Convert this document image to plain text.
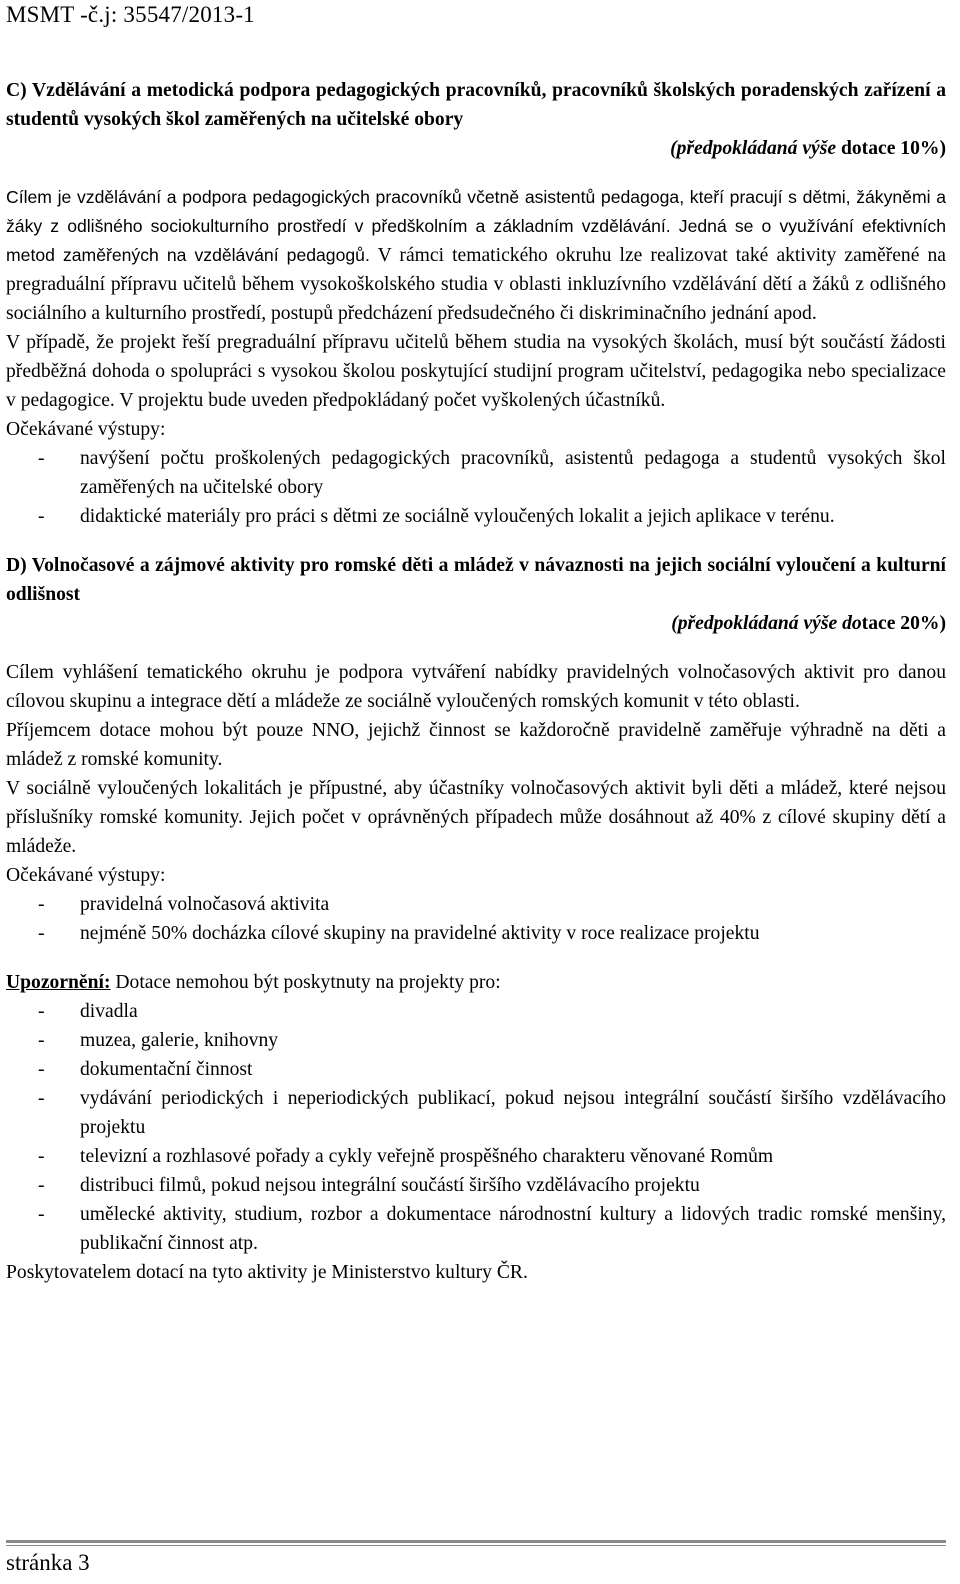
MSMT -č.j: 35547/2013-1

C) Vzdělávání a metodická podpora pedagogických pracovníků, pracovníků školských poradenských zařízení a studentů vysokých škol zaměřených na učitelské obory

(předpokládaná výše dotace 10%)

Cílem je vzdělávání a podpora pedagogických pracovníků včetně asistentů pedagoga, kteří pracují s dětmi, žákyněmi a žáky z odlišného sociokulturního prostředí v předškolním a základním vzdělávání. Jedná se o využívání efektivních metod zaměřených na vzdělávání pedagogů. V rámci tematického okruhu lze realizovat také aktivity zaměřené na pregraduální přípravu učitelů během vysokoškolského studia v oblasti inkluzívního vzdělávání dětí a žáků z odlišného sociálního a kulturního prostředí, postupů předcházení předsudečného či diskriminačního jednání apod.

V případě, že projekt řeší pregraduální přípravu učitelů během studia na vysokých školách, musí být součástí žádosti předběžná dohoda o spolupráci s vysokou školou poskytující studijní program učitelství, pedagogika nebo specializace v pedagogice. V projektu bude uveden předpokládaný počet vyškolených účastníků.

Očekávané výstupy:

- navýšení počtu proškolených pedagogických pracovníků, asistentů pedagoga a studentů vysokých škol zaměřených na učitelské obory
- didaktické materiály pro práci s dětmi ze sociálně vyloučených lokalit a jejich aplikace v terénu.

D) Volnočasové a zájmové aktivity pro romské děti a mládež v návaznosti na jejich sociální vyloučení a kulturní odlišnost

(předpokládaná výše dotace 20%)

Cílem vyhlášení tematického okruhu je podpora vytváření nabídky pravidelných volnočasových aktivit pro danou cílovou skupinu a integrace dětí a mládeže ze sociálně vyloučených romských komunit v této oblasti.

Příjemcem dotace mohou být pouze NNO, jejichž činnost se každoročně pravidelně zaměřuje výhradně na děti a mládež z romské komunity.

V sociálně vyloučených lokalitách je přípustné, aby účastníky volnočasových aktivit byli děti a mládež, které nejsou příslušníky romské komunity. Jejich počet v oprávněných případech může dosáhnout až 40% z cílové skupiny dětí a mládeže.

Očekávané výstupy:

- pravidelná volnočasová aktivita
- nejméně 50% docházka cílové skupiny na pravidelné aktivity v roce realizace projektu

Upozornění: Dotace nemohou být poskytnuty na projekty pro:

- divadla
- muzea, galerie, knihovny
- dokumentační činnost
- vydávání periodických i neperiodických publikací, pokud nejsou integrální součástí širšího vzdělávacího projektu
- televizní a rozhlasové pořady a cykly veřejně prospěšného charakteru věnované Romům
- distribuci filmů, pokud nejsou integrální součástí širšího vzdělávacího projektu
- umělecké aktivity, studium, rozbor a dokumentace národnostní kultury a lidových tradic romské menšiny, publikační činnost atp.

Poskytovatelem dotací na tyto aktivity je Ministerstvo kultury ČR.

stránka 3
